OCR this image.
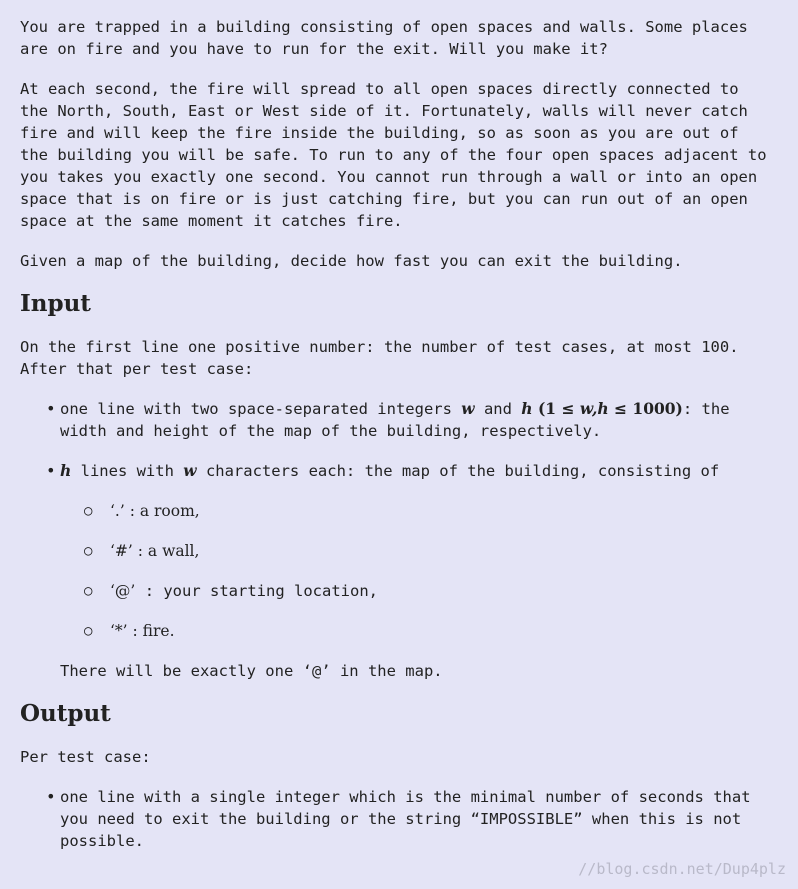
You are trapped in a building consisting of open spaces and walls. Some places are on fire and you have to run for the exit. Will you make it?

At each second, the fire will spread to all open spaces directly connected to the North, South, East or West side of it. Fortunately, walls will never catch fire and will keep the fire inside the building, so as soon as you are out of the building you will be safe. To run to any of the four open spaces adjacent to you takes you exactly one second. You cannot run through a wall or into an open space that is on fire or is just catching fire, but you can run out of an open space at the same moment it catches fire.

Given a map of the building, decide how fast you can exit the building.

Input

On the first line one positive number: the number of test cases, at most 100. After that per test case:

• one line with two space-separated integers w and h (1 ≤ w,h ≤ 1000): the width and height of the map of the building, respectively.
• h lines with w characters each: the map of the building, consisting of
○ ‘.’ : a room,
○ ‘#’ : a wall,
○ ‘@’ : your starting location,
○ ‘*’ : fire.
There will be exactly one ‘@’ in the map.
Output

Per test case:

• one line with a single integer which is the minimal number of seconds that you need to exit the building or the string “IMPOSSIBLE” when this is not possible.
//blog.csdn.net/Dup4plz
